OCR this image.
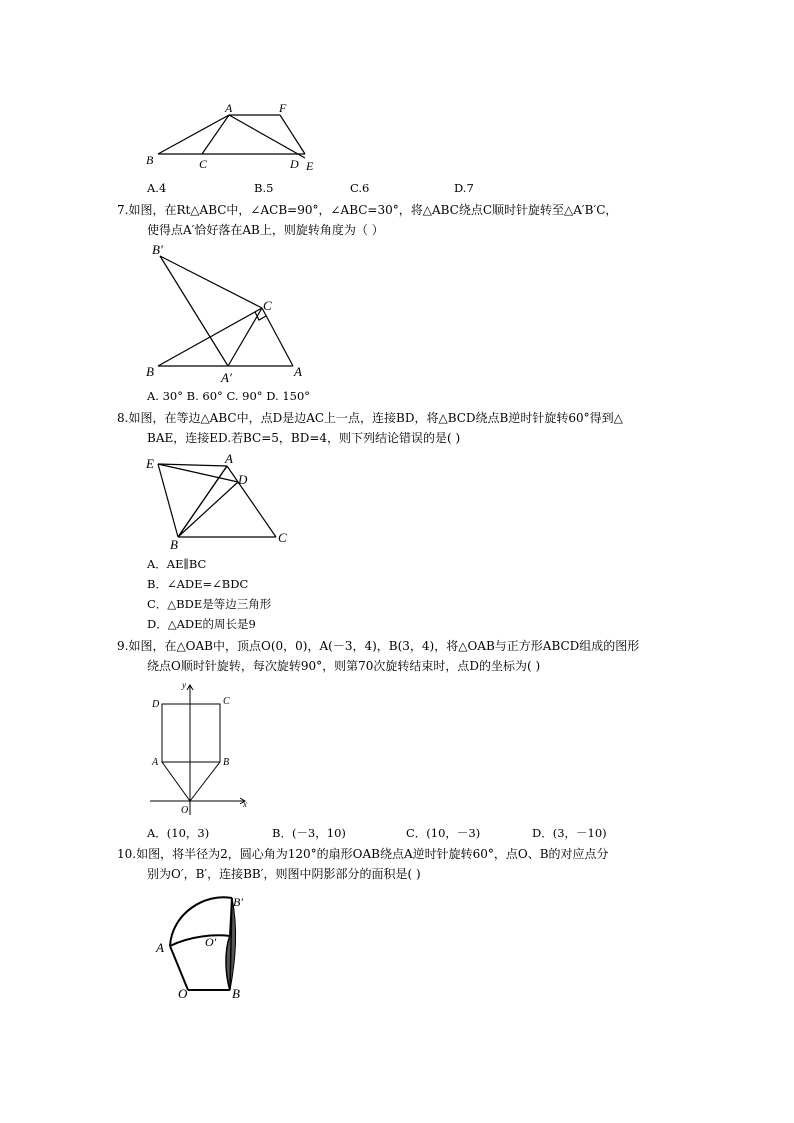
A	F
B	C	D E
A.4	B.5	C.6	D.7
7.如图，在Rt△ABC中，∠ACB=90°，∠ABC=30°，将△ABC绕点C顺时针旋转至△A′B′C，
使得点A′恰好落在AB上，则旋转角度为（ ）
B′
C
B	A′	A
A. 30° B. 60° C. 90° D. 150°
8.如图，在等边△ABC中，点D是边AC上一点，连接BD，将△BCD绕点B逆时针旋转60°得到△
BAE，连接ED.若BC=5，BD=4，则下列结论错误的是( )
E	A
D
B	C
A．AE∥BC
B．∠ADE=∠BDC
C．△BDE是等边三角形
D．△ADE的周长是9
9.如图，在△OAB中，顶点O(0，0)，A(－3，4)，B(3，4)，将△OAB与正方形ABCD组成的图形
绕点O顺时针旋转，每次旋转90°，则第70次旋转结束时，点D的坐标为( )
y
x
D	C
A	B
O
A．(10，3)	B．(－3，10)	C．(10，－3)	D．(3，－10)
10.如图，将半径为2，圆心角为120°的扇形OAB绕点A逆时针旋转60°，点O、B的对应点分
别为O′，B′，连接BB′，则图中阴影部分的面积是( )
B′
O′
A
O	B
